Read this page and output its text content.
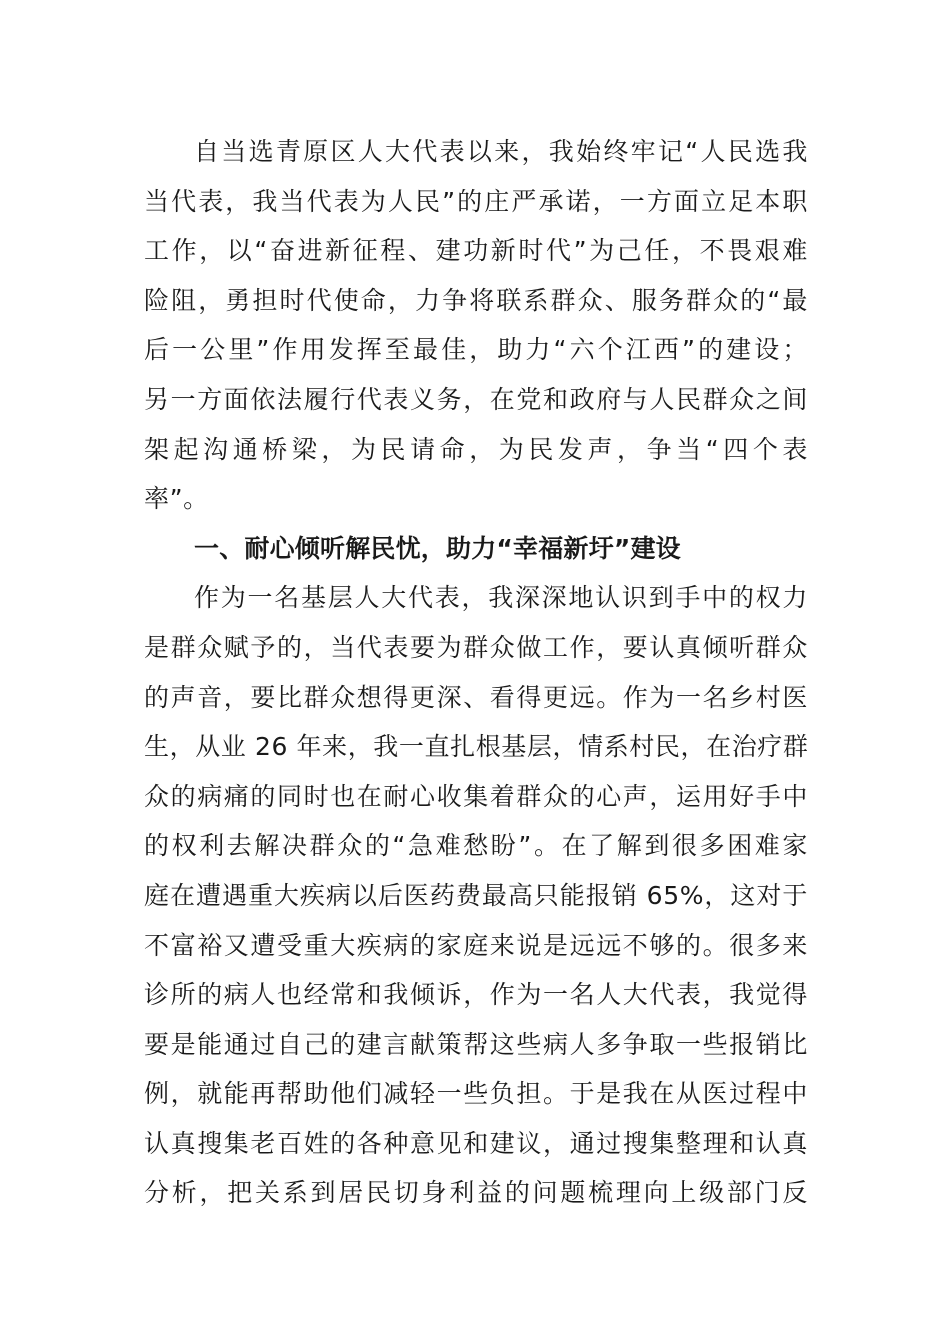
自当选青原区人大代表以来，我始终牢记“人民选我
当代表，我当代表为人民”的庄严承诺，一方面立足本职
工作，以“奋进新征程、建功新时代”为己任，不畏艰难
险阻，勇担时代使命，力争将联系群众、服务群众的“最
后一公里”作用发挥至最佳，助力“六个江西”的建设；
另一方面依法履行代表义务，在党和政府与人民群众之间
架起沟通桥梁，为民请命，为民发声，争当“四个表
率”。
一、耐心倾听解民忧，助力“幸福新圩”建设
作为一名基层人大代表，我深深地认识到手中的权力
是群众赋予的，当代表要为群众做工作，要认真倾听群众
的声音，要比群众想得更深、看得更远。作为一名乡村医
生，从业 26 年来，我一直扎根基层，情系村民，在治疗群
众的病痛的同时也在耐心收集着群众的心声，运用好手中
的权利去解决群众的“急难愁盼”。在了解到很多困难家
庭在遭遇重大疾病以后医药费最高只能报销 65%，这对于
不富裕又遭受重大疾病的家庭来说是远远不够的。很多来
诊所的病人也经常和我倾诉，作为一名人大代表，我觉得
要是能通过自己的建言献策帮这些病人多争取一些报销比
例，就能再帮助他们减轻一些负担。于是我在从医过程中
认真搜集老百姓的各种意见和建议，通过搜集整理和认真
分析，把关系到居民切身利益的问题梳理向上级部门反
